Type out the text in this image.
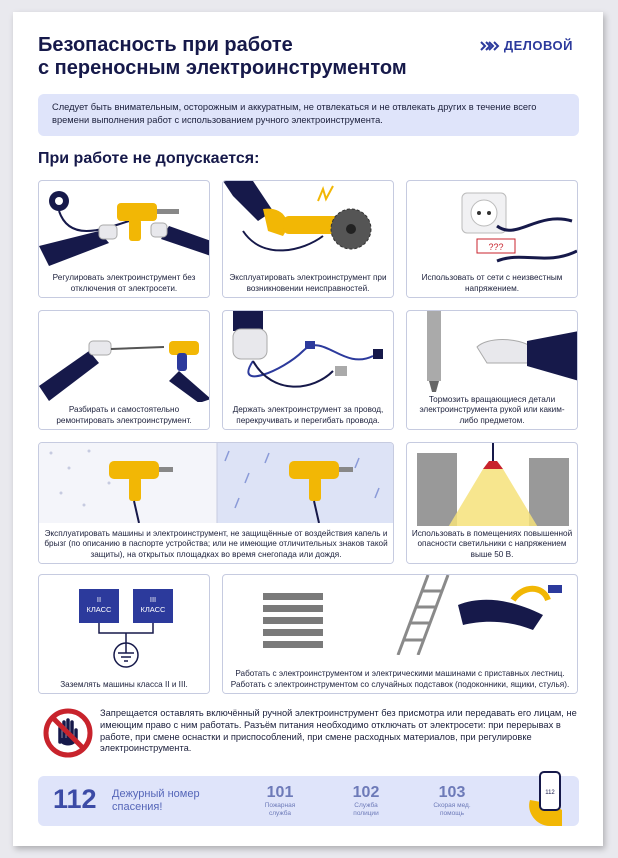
Безопасность при работе
с переносным электроинструментом
ДЕЛОВОЙ
Следует быть внимательным, осторожным и аккуратным, не отвлекаться и не отвлекать других в течение всего времени выполнения работ с использованием ручного электроинструмента.
При работе не допускается:
Регулировать электроинструмент без отключения от электросети.
Эксплуатировать электроинструмент при возникновении неисправностей.
???
Использовать от сети с неизвестным напряжением.
Разбирать и самостоятельно ремонтировать электроинструмент.
Держать электроинструмент за провод, перекручивать и перегибать провода.
Тормозить вращающиеся детали электроинструмента рукой или каким-либо предметом.
Эксплуатировать машины и электроинструмент, не защищённые от воздействия капель и брызг (по описанию в паспорте устройства; или не имеющие отличительных знаков такой защиты), на открытых площадках во время снегопада или дождя.
Использовать в помещениях повышенной опасности светильники с напряжением выше 50 В.
II
КЛАСС
III
КЛАСС
Заземлять машины класса II и III.
Работать с электроинструментом и электрическими машинами с приставных лестниц. Работать с электроинструментом со случайных подставок (подоконники, ящики, стулья).
Запрещается оставлять включённый ручной электроинструмент без присмотра или передавать его лицам, не имеющим право с ним работать. Разъём питания необходимо отключать от электросети: при перерывах в работе, при смене оснастки и приспособлений, при смене расходных материалов, при регулировке электроинструмента.
112 Дежурный номер спасения!
101
Пожарная
служба
102
Служба
полиции
103
Скорая мед.
помощь
112
